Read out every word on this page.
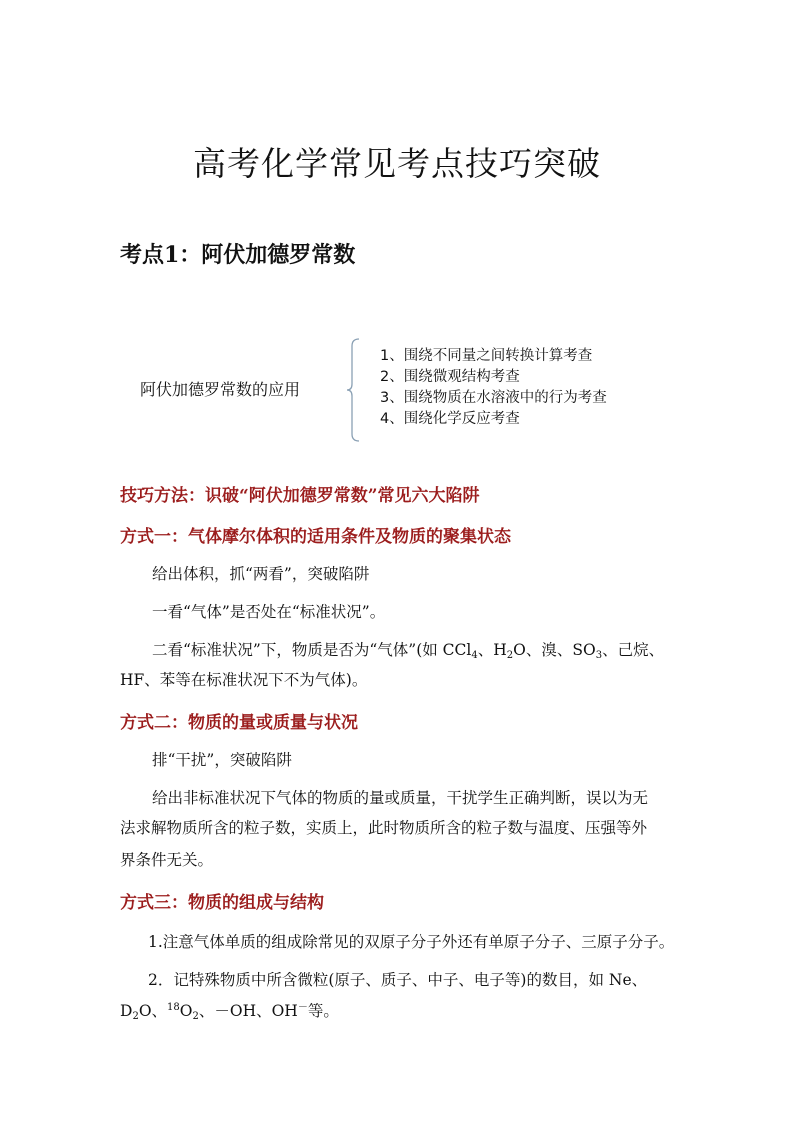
高考化学常见考点技巧突破
考点1：阿伏加德罗常数
阿伏加德罗常数的应用
1、围绕不同量之间转换计算考查
2、围绕微观结构考查
3、围绕物质在水溶液中的行为考查
4、围绕化学反应考查
技巧方法：识破“阿伏加德罗常数”常见六大陷阱
方式一：气体摩尔体积的适用条件及物质的聚集状态
给出体积，抓“两看”，突破陷阱
一看“气体”是否处在“标准状况”。
二看“标准状况”下，物质是否为“气体”(如 CCl$_4$、$H_2O$、溴、$SO_3$、己烷、
HF、苯等在标准状况下不为气体)。
方式二：物质的量或质量与状况
排“干扰”，突破陷阱
给出非标准状况下气体的物质的量或质量，干扰学生正确判断，误以为无
法求解物质所含的粒子数，实质上，此时物质所含的粒子数与温度、压强等外
界条件无关。
方式三：物质的组成与结构
1.注意气体单质的组成除常见的双原子分子外还有单原子分子、三原子分子。
2．记特殊物质中所含微粒(原子、质子、中子、电子等)的数目，如 Ne、
$D_2O$、$^{18}O_2$、－OH、OH－等。
